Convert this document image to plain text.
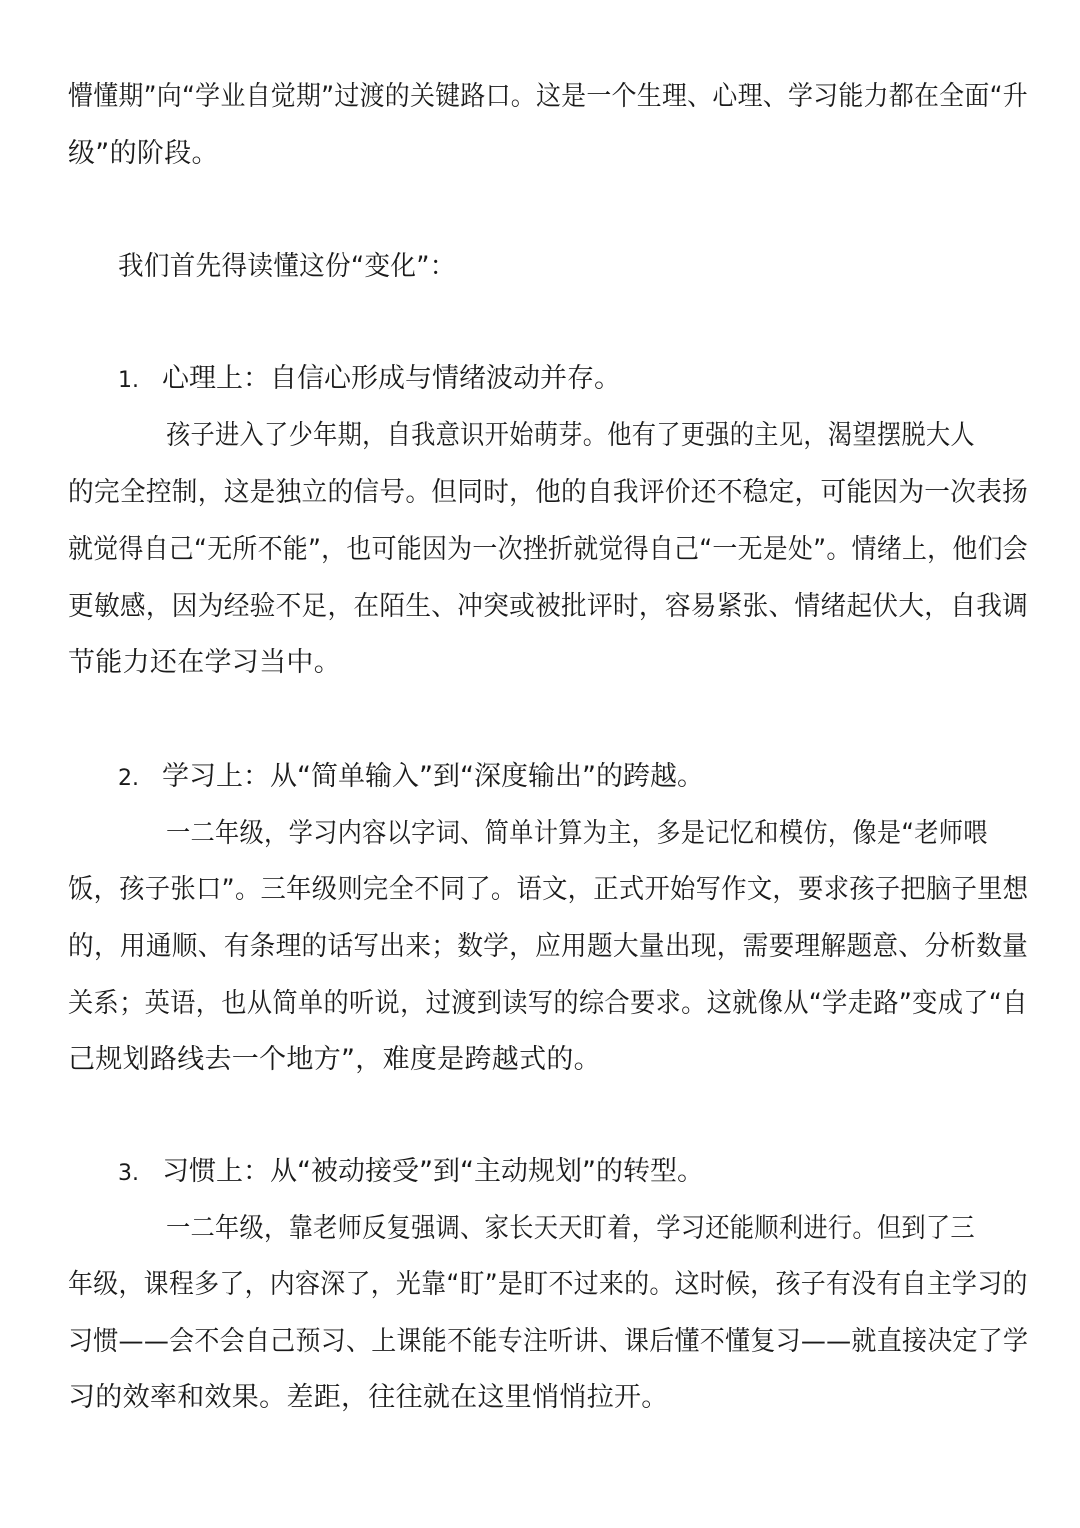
懵懂期”向“学业自觉期”过渡的关键路口。这是一个生理、心理、学习能力都在全面“升
级”的阶段。
我们首先得读懂这份“变化”：
1. 心理上：自信心形成与情绪波动并存。
孩子进入了少年期，自我意识开始萌芽。他有了更强的主见，渴望摆脱大人
的完全控制，这是独立的信号。但同时，他的自我评价还不稳定，可能因为一次表扬
就觉得自己“无所不能”，也可能因为一次挫折就觉得自己“一无是处”。情绪上，他们会
更敏感，因为经验不足，在陌生、冲突或被批评时，容易紧张、情绪起伏大，自我调
节能力还在学习当中。
2. 学习上：从“简单输入”到“深度输出”的跨越。
一二年级，学习内容以字词、简单计算为主，多是记忆和模仿，像是“老师喂
饭，孩子张口”。三年级则完全不同了。语文，正式开始写作文，要求孩子把脑子里想
的，用通顺、有条理的话写出来；数学，应用题大量出现，需要理解题意、分析数量
关系；英语，也从简单的听说，过渡到读写的综合要求。这就像从“学走路”变成了“自
己规划路线去一个地方”，难度是跨越式的。
3. 习惯上：从“被动接受”到“主动规划”的转型。
一二年级，靠老师反复强调、家长天天盯着，学习还能顺利进行。但到了三
年级，课程多了，内容深了，光靠“盯”是盯不过来的。这时候，孩子有没有自主学习的
习惯——会不会自己预习、上课能不能专注听讲、课后懂不懂复习——就直接决定了学
习的效率和效果。差距，往往就在这里悄悄拉开。
